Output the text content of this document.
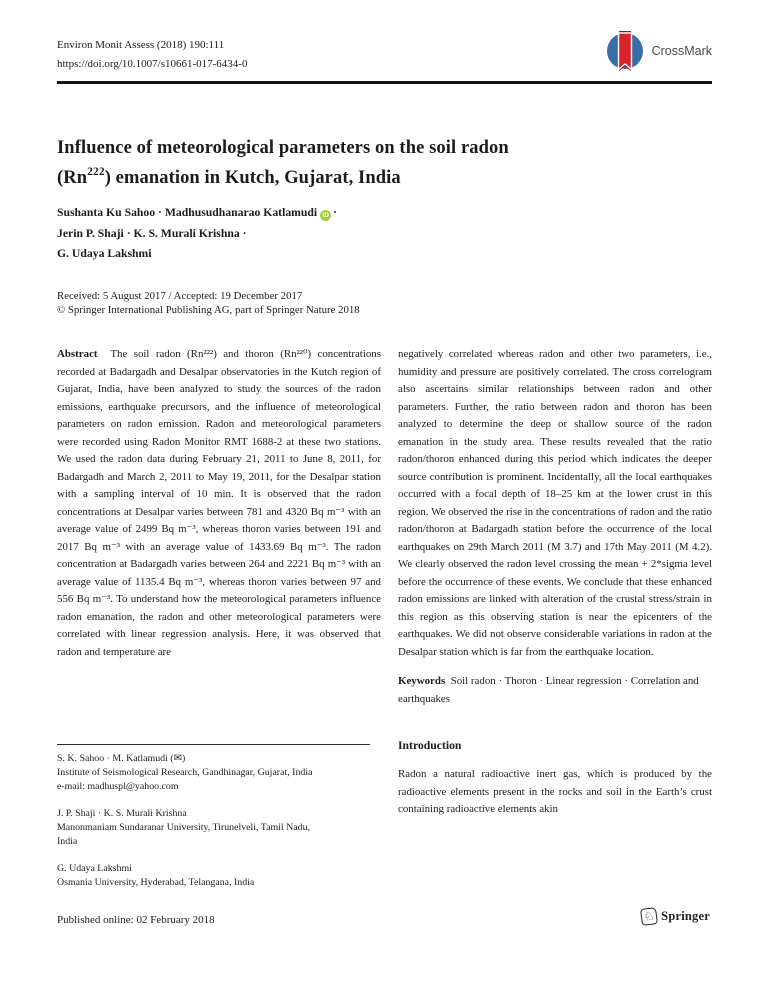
Environ Monit Assess (2018) 190:111
https://doi.org/10.1007/s10661-017-6434-0
CrossMark
Influence of meteorological parameters on the soil radon
(Rn$^{222}$) emanation in Kutch, Gujarat, India
Sushanta Ku Sahoo · Madhusudhanarao Katlamudi iD ·
Jerin P. Shaji · K. S. Murali Krishna ·
G. Udaya Lakshmi
Received: 5 August 2017 / Accepted: 19 December 2017
© Springer International Publishing AG, part of Springer Nature 2018

Abstract The soil radon (Rn²²²) and thoron (Rn²²⁰) concentrations recorded at Badargadh and Desalpar observatories in the Kutch region of Gujarat, India, have been analyzed to study the sources of the radon emissions, earthquake precursors, and the influence of meteorological parameters on radon emission. Radon and meteorological parameters were recorded using Radon Monitor RMT 1688-2 at these two stations. We used the radon data during February 21, 2011 to June 8, 2011, for Badargadh and March 2, 2011 to May 19, 2011, for the Desalpar station with a sampling interval of 10 min. It is observed that the radon concentrations at Desalpar varies between 781 and 4320 Bq m⁻³ with an average value of 2499 Bq m⁻³, whereas thoron varies between 191 and 2017 Bq m⁻³ with an average value of 1433.69 Bq m⁻³. The radon concentration at Badargadh varies between 264 and 2221 Bq m⁻³ with an average value of 1135.4 Bq m⁻³, whereas thoron varies between 97 and 556 Bq m⁻³. To understand how the meteorological parameters influence radon emanation, the radon and other meteorological parameters were correlated with linear regression analysis. Here, it was observed that radon and temperature are

negatively correlated whereas radon and other two parameters, i.e., humidity and pressure are positively correlated. The cross correlogram also ascertains similar relationships between radon and other parameters. Further, the ratio between radon and thoron has been analyzed to determine the deep or shallow source of the radon emanation in the study area. These results revealed that the ratio radon/thoron enhanced during this period which indicates the deeper source contribution is prominent. Incidentally, all the local earthquakes occurred with a focal depth of 18–25 km at the lower crust in this region. We observed the rise in the concentrations of radon and the ratio radon/thoron at Badargadh station before the occurrence of the local earthquakes on 29th March 2011 (M 3.7) and 17th May 2011 (M 4.2). We clearly observed the radon level crossing the mean + 2*sigma level before the occurrence of these events. We conclude that these enhanced radon emissions are linked with alteration of the crustal stress/strain in this region as this observing station is near the epicenters of the earthquakes. We did not observe considerable variations in radon at the Desalpar station which is far from the earthquake location.

Keywords Soil radon · Thoron · Linear regression · Correlation and earthquakes

Introduction

Radon a natural radioactive inert gas, which is produced by the radioactive elements present in the rocks and soil in the Earth’s crust containing radioactive elements akin

S. K. Sahoo · M. Katlamudi (✉)
Institute of Seismological Research, Gandhinagar, Gujarat, India
e-mail: madhuspl@yahoo.com
J. P. Shaji · K. S. Murali Krishna
Manonmaniam Sundaranar University, Tirunelveli, Tamil Nadu,
India
G. Udaya Lakshmi
Osmania University, Hyderabad, Telangana, India
Published online: 02 February 2018	♘ Springer
